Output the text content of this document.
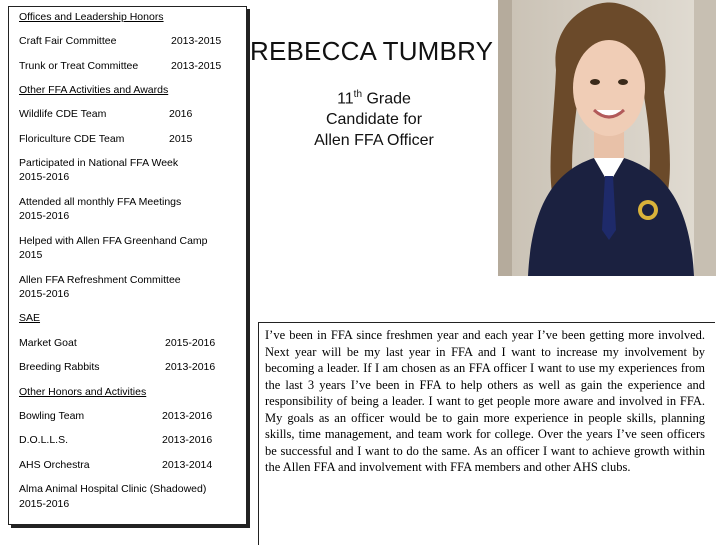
Offices and Leadership Honors
Craft Fair Committee	2013-2015
Trunk or Treat Committee	2013-2015
Other FFA Activities and Awards
Wildlife CDE Team	2016
Floriculture CDE Team	2015
Participated in National FFA Week
2015-2016
Attended all monthly FFA Meetings
2015-2016
Helped with Allen FFA Greenhand Camp
2015
Allen FFA Refreshment Committee
2015-2016
SAE
Market Goat	2015-2016
Breeding Rabbits	2013-2016
Other Honors and Activities
Bowling Team	2013-2016
D.O.L.L.S.	2013-2016
AHS Orchestra	2013-2014
Alma Animal Hospital Clinic (Shadowed)
2015-2016
REBECCA TUMBRY
11th Grade
Candidate for
Allen FFA Officer
I’ve been in FFA since freshmen year and each year I’ve been getting more involved. Next year will be my last year in FFA and I want to increase my involvement by becoming a leader. If I am chosen as an FFA officer I want to use my experiences from the last 3 years I’ve been in FFA to help others as well as gain the experience and responsibility of being a leader. I want to get people more aware and involved in FFA. My goals as an officer would be to gain more experience in people skills, planning skills, time management, and team work for college. Over the years I’ve seen officers be successful and I want to do the same. As an officer I want to achieve growth within the Allen FFA and involvement with FFA members and other AHS clubs.
